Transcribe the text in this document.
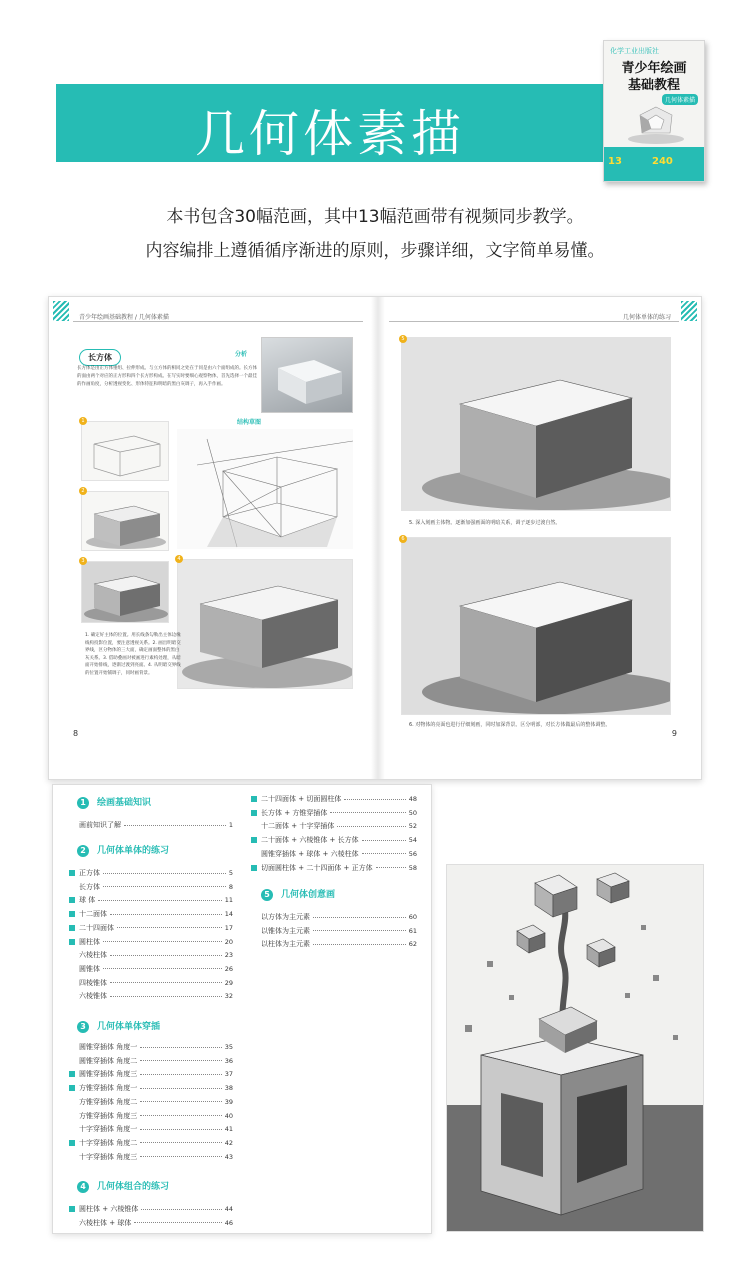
几何体素描
化学工业出版社
青少年绘画
基础教程
几何体素描
13	240
本书包含30幅范画，其中13幅范画带有视频同步教学。
内容编排上遵循循序渐进的原则，步骤详细，文字简单易懂。
青少年绘画基础教程 / 几何体素描	几何体单体的练习
长方体	分析
长方体是由正方体重组、拉伸形成。与立方体的相同之处在于同是由六个面组成的。长方体的面由两个对应的正方形和四个长方形构成。在写实时要细心观察物体，首先选择一个最佳的作画角度，分析透视变化、形体特征和明暗的黑白灰调子，再入手作画。
结构草图
1
2
3	4
1. 确定好主体的位置。用长线条勾勒出主体边缘线构投影位置，要注意透视关系。2. 画出明暗交界线，区分物体的三大面，确定画面整体的黑白灰关系。3. 借助叠画对被画进行素构处理，从暗面开始排线，逐渐过渡到亮面。4. 从明暗交界线的位置开始铺调子，同时画背景。
5
5. 深入刻画主体物。逐渐加强画面的明暗关系，调子逐步过渡自然。
6
6. 对物体的亮面也进行仔细刻画，同时加深背景。区分明部，对长方体做最后的整体调整。
8	9
1 绘画基础知识
画前知识了解	1
2 几何体单体的练习
正方体	5
长方体	8
球 体	11
十二面体	14
二十四面体	17
圆柱体	20
六棱柱体	23
圆锥体	26
四棱锥体	29
六棱锥体	32
3 几何体单体穿插
圆锥穿插体 角度一	35
圆锥穿插体 角度二	36
圆锥穿插体 角度三	37
方锥穿插体 角度一	38
方锥穿插体 角度二	39
方锥穿插体 角度三	40
十字穿插体 角度一	41
十字穿插体 角度二	42
十字穿插体 角度三	43
4 几何体组合的练习
圆柱体 + 六棱锥体	44
六棱柱体 + 球体	46
二十四面体 + 切面圆柱体	48
长方体 + 方锥穿插体	50
十二面体 + 十字穿插体	52
二十面体 + 六棱锥体 + 长方体	54
圆锥穿插体 + 球体 + 六棱柱体	56
切面圆柱体 + 二十四面体 + 正方体	58
5 几何体创意画
以方体为主元素	60
以锥体为主元素	61
以柱体为主元素	62
